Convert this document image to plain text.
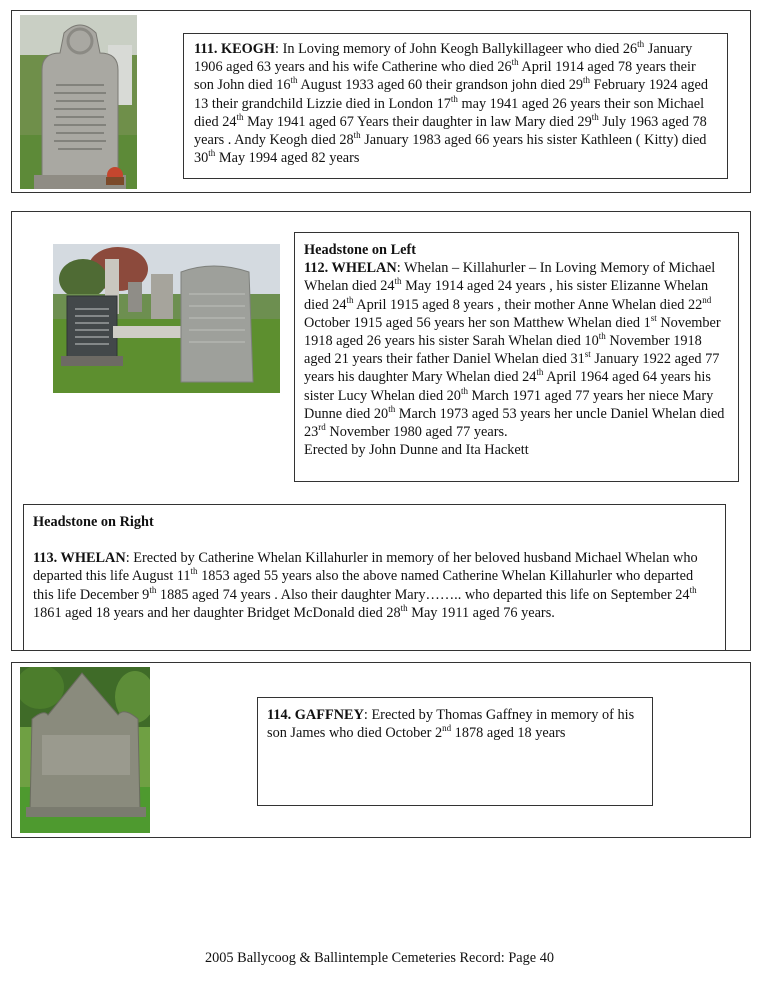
111. KEOGH: In Loving memory of John Keogh Ballykillageer who died 26th January 1906 aged 63 years and his wife Catherine who died 26th April 1914 aged 78 years their son John died 16th August 1933 aged 60 their grandson john died 29th February 1924 aged 13 their grandchild Lizzie died in London 17th may 1941 aged 26 years their son Michael died 24th May 1941 aged 67 Years their daughter in law Mary died 29th July 1963 aged 78 years . Andy Keogh died 28th January 1983 aged 66 years his sister Kathleen ( Kitty) died 30th May 1994 aged 82 years
Headstone on Left
112. WHELAN: Whelan – Killahurler – In Loving Memory of Michael Whelan died 24th May 1914 aged 24 years , his sister Elizanne Whelan died 24th April 1915 aged 8 years , their mother Anne Whelan died 22nd October 1915 aged 56 years her son Matthew Whelan died 1st November 1918 aged 26 years his sister Sarah Whelan died 10th November 1918 aged 21 years their father Daniel Whelan died 31st January 1922 aged 77 years his daughter Mary Whelan died 24th April 1964 aged 64 years his sister Lucy Whelan died 20th March 1971 aged 77 years her niece Mary Dunne died 20th March 1973 aged 53 years her uncle Daniel Whelan died 23rd November 1980 aged 77 years.
Erected by John Dunne and Ita Hackett
Headstone on Right
113. WHELAN: Erected by Catherine Whelan Killahurler in memory of her beloved husband Michael Whelan who departed this life August 11th 1853 aged 55 years also the above named Catherine Whelan Killahurler who departed this life December 9th 1885 aged 74 years . Also their daughter Mary…….. who departed this life on September 24th 1861 aged 18 years and her daughter Bridget McDonald died 28th May 1911 aged 76 years.
114. GAFFNEY: Erected by Thomas Gaffney in memory of his son James who died October 2nd 1878 aged 18 years
2005 Ballycoog & Ballintemple Cemeteries Record: Page 40
